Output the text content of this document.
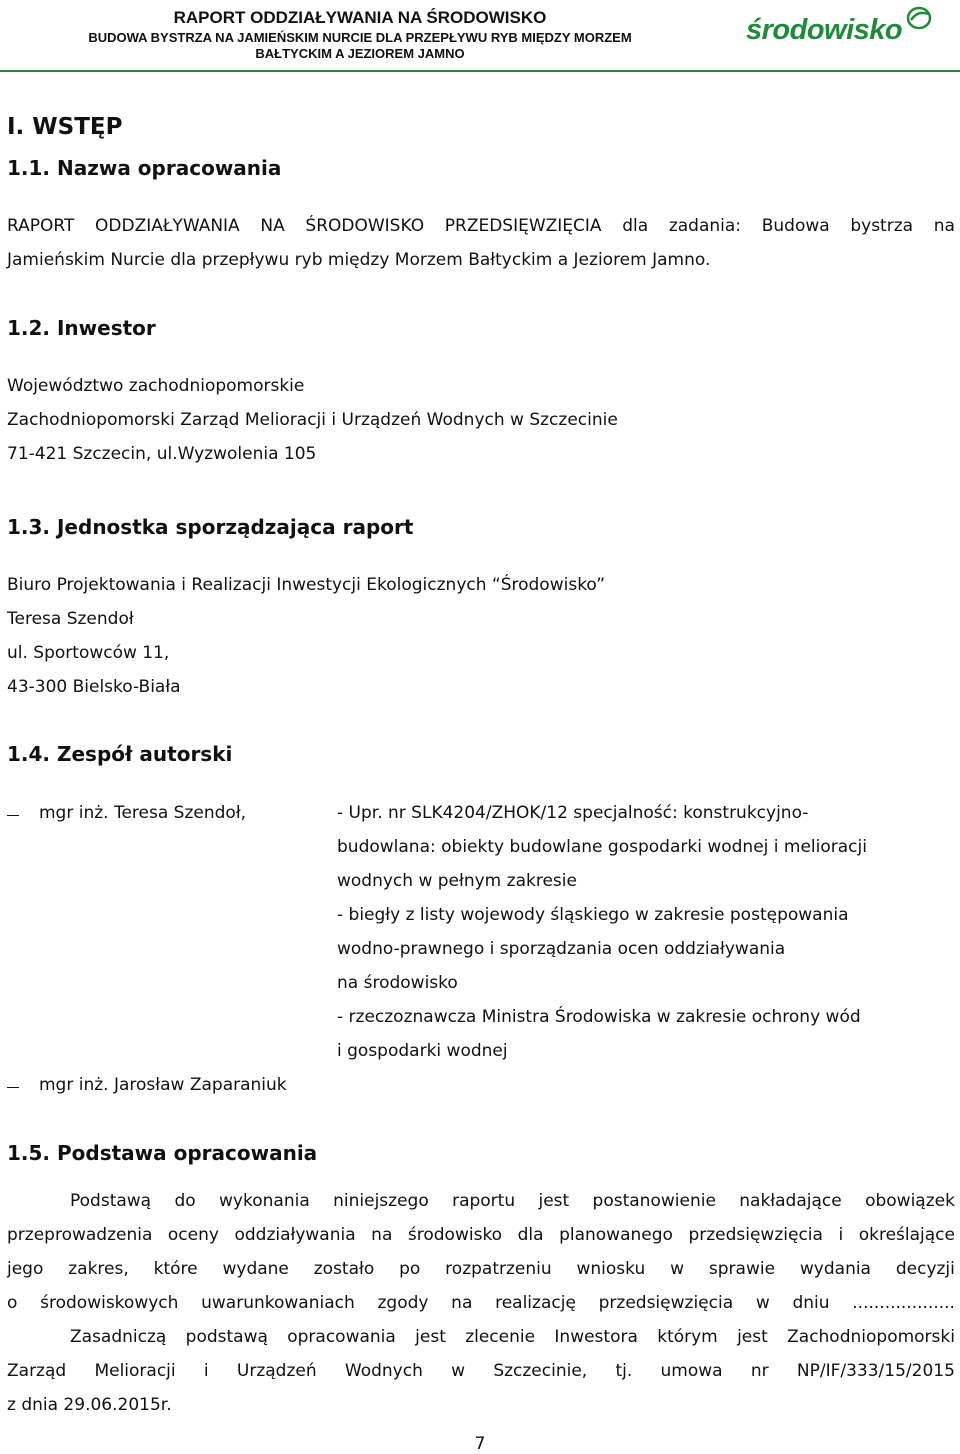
RAPORT ODDZIAŁYWANIA NA ŚRODOWISKO
BUDOWA BYSTRZA NA JAMIEŃSKIM NURCIE DLA PRZEPŁYWU RYB MIĘDZY MORZEM
BAŁTYCKIM A JEZIOREM JAMNO
środowisko
I. WSTĘP
1.1. Nazwa opracowania
RAPORT ODDZIAŁYWANIA NA ŚRODOWISKO PRZEDSIĘWZIĘCIA dla zadania: Budowa bystrza na
Jamieńskim Nurcie dla przepływu ryb między Morzem Bałtyckim a Jeziorem Jamno.
1.2. Inwestor
Województwo zachodniopomorskie
Zachodniopomorski Zarząd Melioracji i Urządzeń Wodnych w Szczecinie
71-421 Szczecin, ul.Wyzwolenia 105
1.3. Jednostka sporządzająca raport
Biuro Projektowania i Realizacji Inwestycji Ekologicznych “Środowisko”
Teresa Szendoł
ul. Sportowców 11,
43-300 Bielsko-Biała
1.4. Zespół autorski
mgr inż. Teresa Szendoł,	- Upr. nr SLK4204/ZHOK/12 specjalność: konstrukcyjno-
budowlana: obiekty budowlane gospodarki wodnej i melioracji
wodnych w pełnym zakresie
- biegły z listy wojewody śląskiego w zakresie postępowania
wodno-prawnego i sporządzania ocen oddziaływania
na środowisko
- rzeczoznawcza Ministra Środowiska w zakresie ochrony wód
i gospodarki wodnej
mgr inż. Jarosław Zaparaniuk
1.5. Podstawa opracowania
Podstawą do wykonania niniejszego raportu jest postanowienie nakładające obowiązek
przeprowadzenia oceny oddziaływania na środowisko dla planowanego przedsięwzięcia i określające
jego zakres, które wydane zostało po rozpatrzeniu wniosku w sprawie wydania decyzji
o środowiskowych uwarunkowaniach zgody na realizację przedsięwzięcia w dniu ...................
Zasadniczą podstawą opracowania jest zlecenie Inwestora którym jest Zachodniopomorski
Zarząd Melioracji i Urządzeń Wodnych w Szczecinie, tj. umowa nr NP/IF/333/15/2015
z dnia 29.06.2015r.
7
